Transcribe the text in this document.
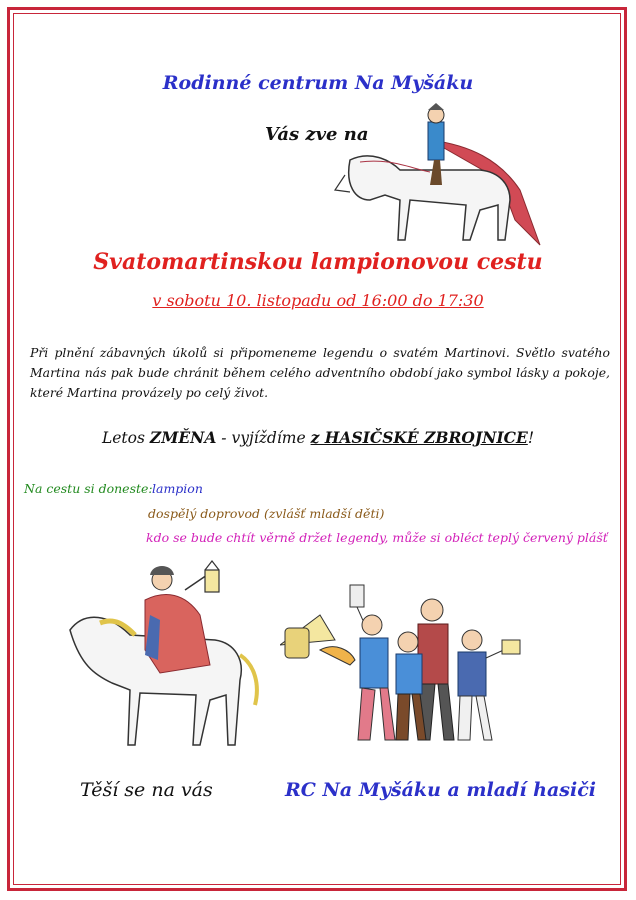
Rodinné centrum Na Myšáku
Vás zve na
Svatomartinskou lampionovou cestu
v sobotu 10. listopadu od 16:00 do 17:30
Při plnění zábavných úkolů si připomeneme legendu o svatém Martinovi. Světlo svatého Martina nás pak bude chránit během celého adventního období jako symbol lásky a pokoje, které Martina provázely po celý život.
Letos ZMĚNA - vyjíždíme z HASIČSKÉ ZBROJNICE!
Na cestu si doneste: lampion
dospělý doprovod (zvlášť mladší děti)
kdo se bude chtít věrně držet legendy, může si obléct teplý červený plášť
Těší se na vás	RC Na Myšáku a mladí hasiči
